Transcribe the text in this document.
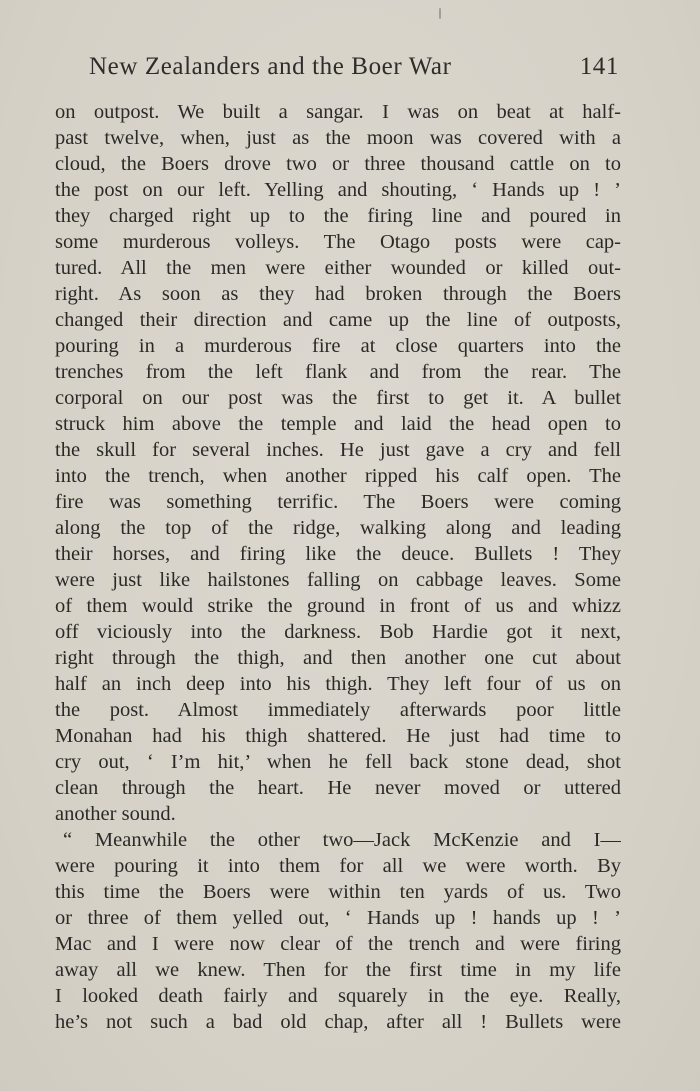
New Zealanders and the Boer War	141
on outpost. We built a sangar. I was on beat at half-
past twelve, when, just as the moon was covered with a
cloud, the Boers drove two or three thousand cattle on to
the post on our left. Yelling and shouting, ‘ Hands up ! ’
they charged right up to the firing line and poured in
some murderous volleys. The Otago posts were cap-
tured. All the men were either wounded or killed out-
right. As soon as they had broken through the Boers
changed their direction and came up the line of outposts,
pouring in a murderous fire at close quarters into the
trenches from the left flank and from the rear. The
corporal on our post was the first to get it. A bullet
struck him above the temple and laid the head open to
the skull for several inches. He just gave a cry and fell
into the trench, when another ripped his calf open. The
fire was something terrific. The Boers were coming
along the top of the ridge, walking along and leading
their horses, and firing like the deuce. Bullets ! They
were just like hailstones falling on cabbage leaves. Some
of them would strike the ground in front of us and whizz
off viciously into the darkness. Bob Hardie got it next,
right through the thigh, and then another one cut about
half an inch deep into his thigh. They left four of us on
the post. Almost immediately afterwards poor little
Monahan had his thigh shattered. He just had time to
cry out, ‘ I’m hit,’ when he fell back stone dead, shot
clean through the heart. He never moved or uttered
another sound.
“ Meanwhile the other two—Jack McKenzie and I—
were pouring it into them for all we were worth. By
this time the Boers were within ten yards of us. Two
or three of them yelled out, ‘ Hands up ! hands up ! ’
Mac and I were now clear of the trench and were firing
away all we knew. Then for the first time in my life
I looked death fairly and squarely in the eye. Really,
he’s not such a bad old chap, after all ! Bullets were
